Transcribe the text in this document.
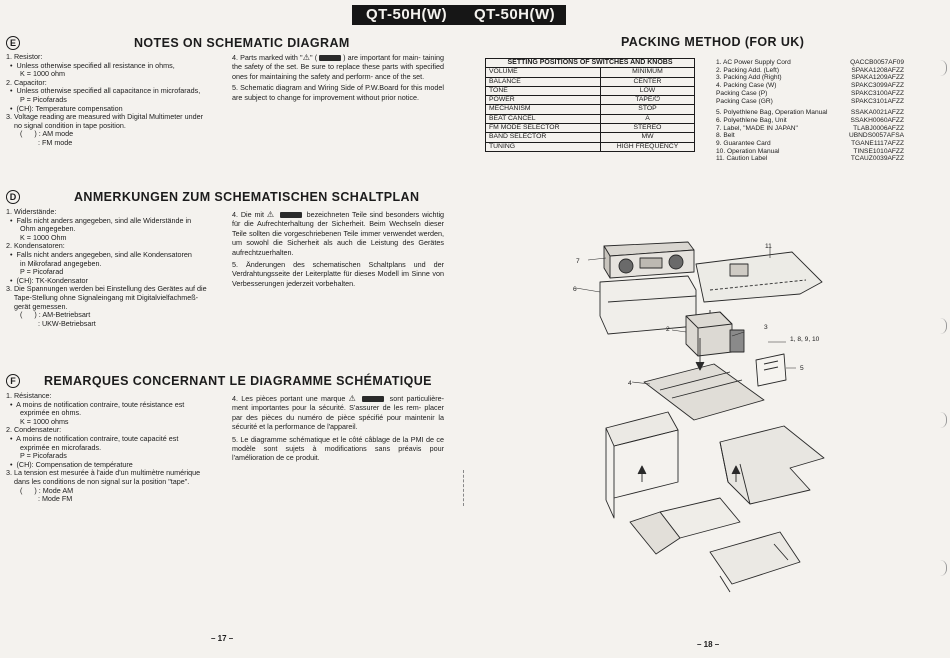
QT-50H(W) QT-50H(W)
E	NOTES ON SCHEMATIC DIAGRAM
1. Resistor:
•  Unless otherwise specified all resistance in ohms,
K = 1000 ohm
2. Capacitor:
•  Unless otherwise specified all capacitance in microfarads,
P = Picofarads
•  (CH): Temperature compensation
3. Voltage reading are measured with Digital Multimeter under
no signal condition in tape position.
(      ) : AM mode
: FM mode
4. Parts marked with "⚠" (	) are important for main- taining the safety of the set. Be sure to replace these parts with specified ones for maintaining the safety and perform- ance of the set.
5. Schematic diagram and Wiring Side of P.W.Board for this model are subject to change for improvement without prior notice.
D	ANMERKUNGEN ZUM SCHEMATISCHEN SCHALTPLAN
1. Widerstände:
•  Falls nicht anders angegeben, sind alle Widerstände in
Ohm angegeben.
K = 1000 Ohm
2. Kondensatoren:
•  Falls nicht anders angegeben, sind alle Kondensatoren
in Mikrofarad angegeben.
P = Picofarad
•  (CH): TK-Kondensator
3. Die Spannungen werden bei Einstellung des Gerätes auf die
Tape-Stellung ohne Signaleingang mit Digitalvielfachmeß-
gerät gemessen.
(      ) : AM-Betriebsart
: UKW-Betriebsart
4. Die mit ⚠	bezeichneten Teile sind besonders wichtig für die Aufrechterhaltung der Sicherheit. Beim Wechseln dieser Teile sollten die vorgeschriebenen Teile immer verwendet werden, um sowohl die Sicherheit als auch die Leistung des Gerätes aufrechtzuerhalten.
5. Änderungen des schematischen Schaltplans und der Verdrahtungsseite der Leiterplatte für dieses Modell im Sinne von Verbesserungen jederzeit vorbehalten.
F	REMARQUES CONCERNANT LE DIAGRAMME SCHÉMATIQUE
1. Résistance:
•  A moins de notification contraire, toute résistance est
exprimée en ohms.
K = 1000 ohms
2. Condensateur:
•  A moins de notification contraire, toute capacité est
exprimée en microfarads.
P = Picofarads
•  (CH): Compensation de température
3. La tension est mesurée à l'aide d'un multimètre numérique
dans les conditions de non signal sur la position "tape".
(      ) : Mode AM
: Mode FM
4. Les pièces portant une marque ⚠	sont particulière- ment importantes pour la sécurité. S'assurer de les rem- placer par des pièces du numéro de pièce spécifié pour maintenir la sécurité et la performance de l'appareil.
5. Le diagramme schématique et le côté câblage de la PMI de ce modèle sont sujets à modifications sans préavis pour l'amélioration de ce produit.
– 17 –
– 18 –
PACKING METHOD (FOR UK)
SETTING POSITIONS OF SWITCHES AND KNOBS	
VOLUME	MINIMUM
BALANCE	CENTER
TONE	LOW
POWER	TAPE/⏻
MECHANISM	STOP
BEAT CANCEL	A
FM MODE SELECTOR	STEREO
BAND SELECTOR	MW
TUNING	HIGH FREQUENCY
1. AC Power Supply Cord	QACCB0057AF09
2. Packing Add. (Left)	SPAKA1208AFZZ
3. Packing Add (Right)	SPAKA1209AFZZ
4. Packing Case (W)	SPAKC3099AFZZ
Packing Case (P)	SPAKC3100AFZZ
Packing Case (GR)	SPAKC3101AFZZ
5. Polyethlene Bag, Operation Manual	SSAKA0021AFZZ
6. Polyethlene Bag, Unit	SSAKH0060AFZZ
7. Label, "MADE IN JAPAN"	TLABJ0006AFZZ
8. Belt	UBNDS0057AFSA
9. Guarantee Card	TGANE1117AFZZ
10. Operation Manual	TINSE1010AFZZ
11. Caution Label	TCAUZ0039AFZZ
7
6
11
2	3
1, 8, 9, 10
5
4
